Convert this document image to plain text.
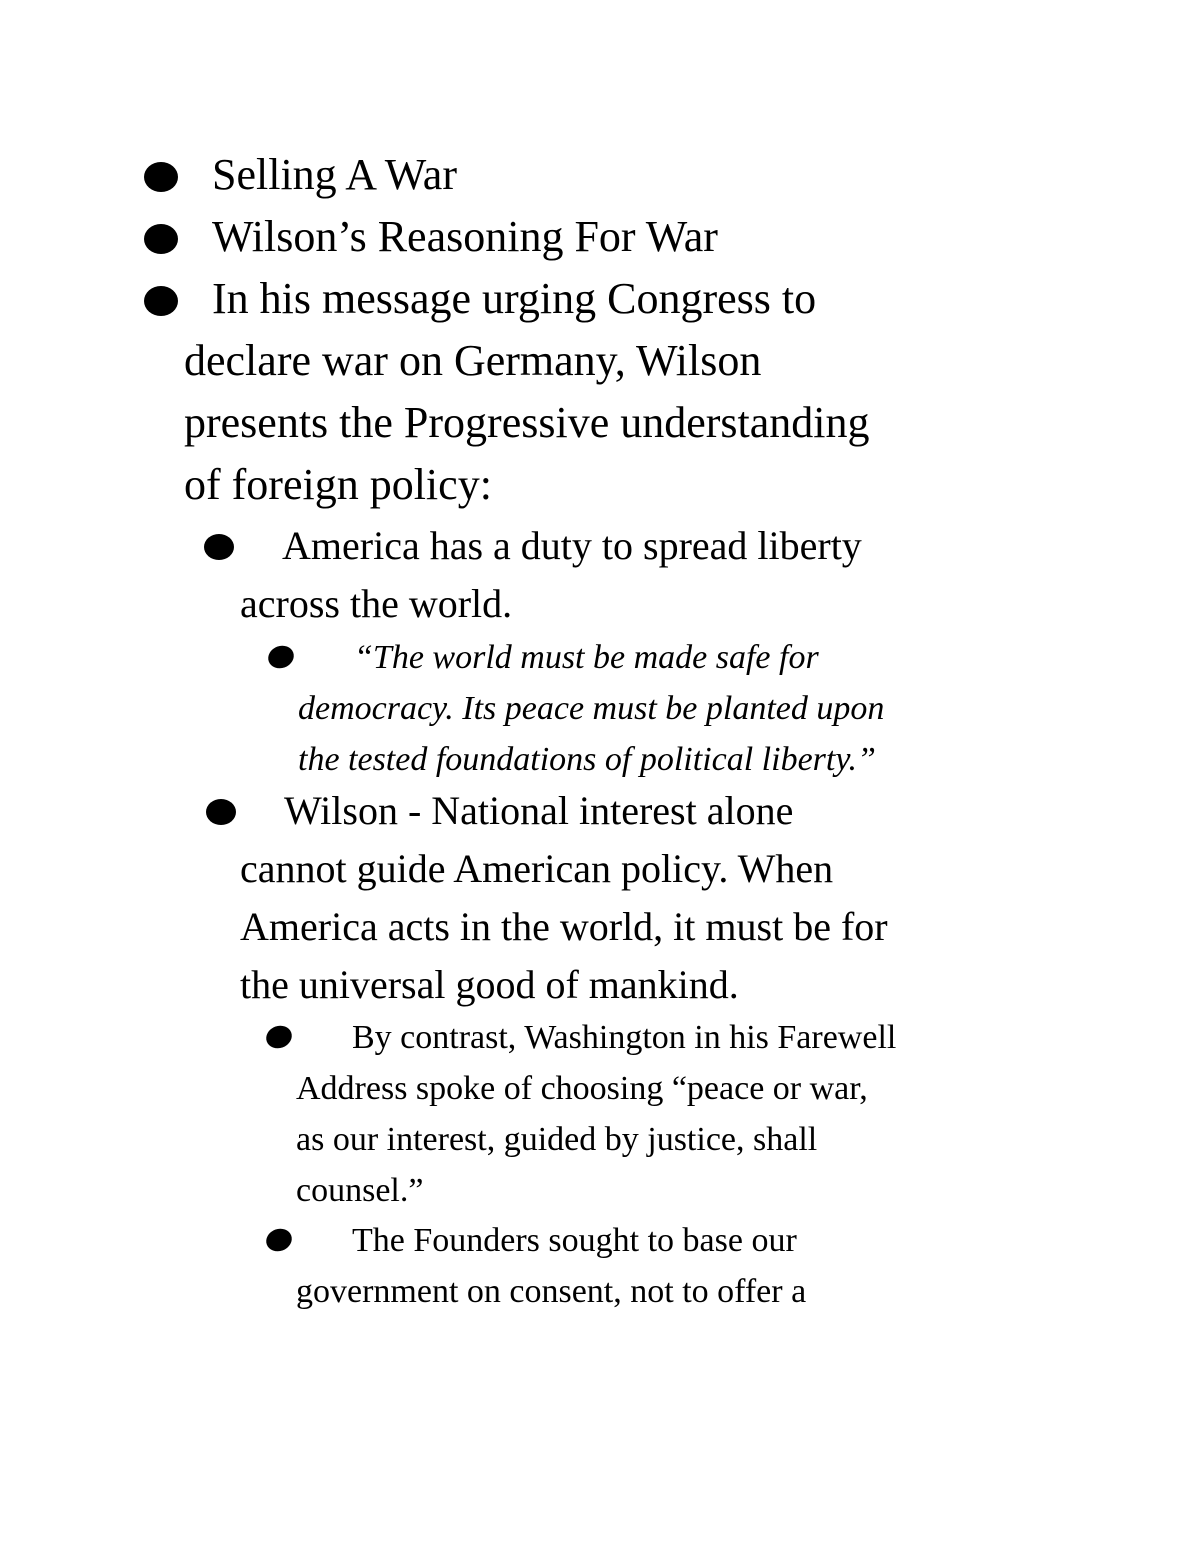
Selling A War
Wilson’s Reasoning For War
In his message urging Congress to
declare war on Germany, Wilson
presents the Progressive understanding
of foreign policy:
America has a duty to spread liberty
across the world.
“The world must be made safe for
democracy. Its peace must be planted upon
the tested foundations of political liberty.”
Wilson - National interest alone
cannot guide American policy. When
America acts in the world, it must be for
the universal good of mankind.
By contrast, Washington in his Farewell
Address spoke of choosing “peace or war,
as our interest, guided by justice, shall
counsel.”
The Founders sought to base our
government on consent, not to offer a
